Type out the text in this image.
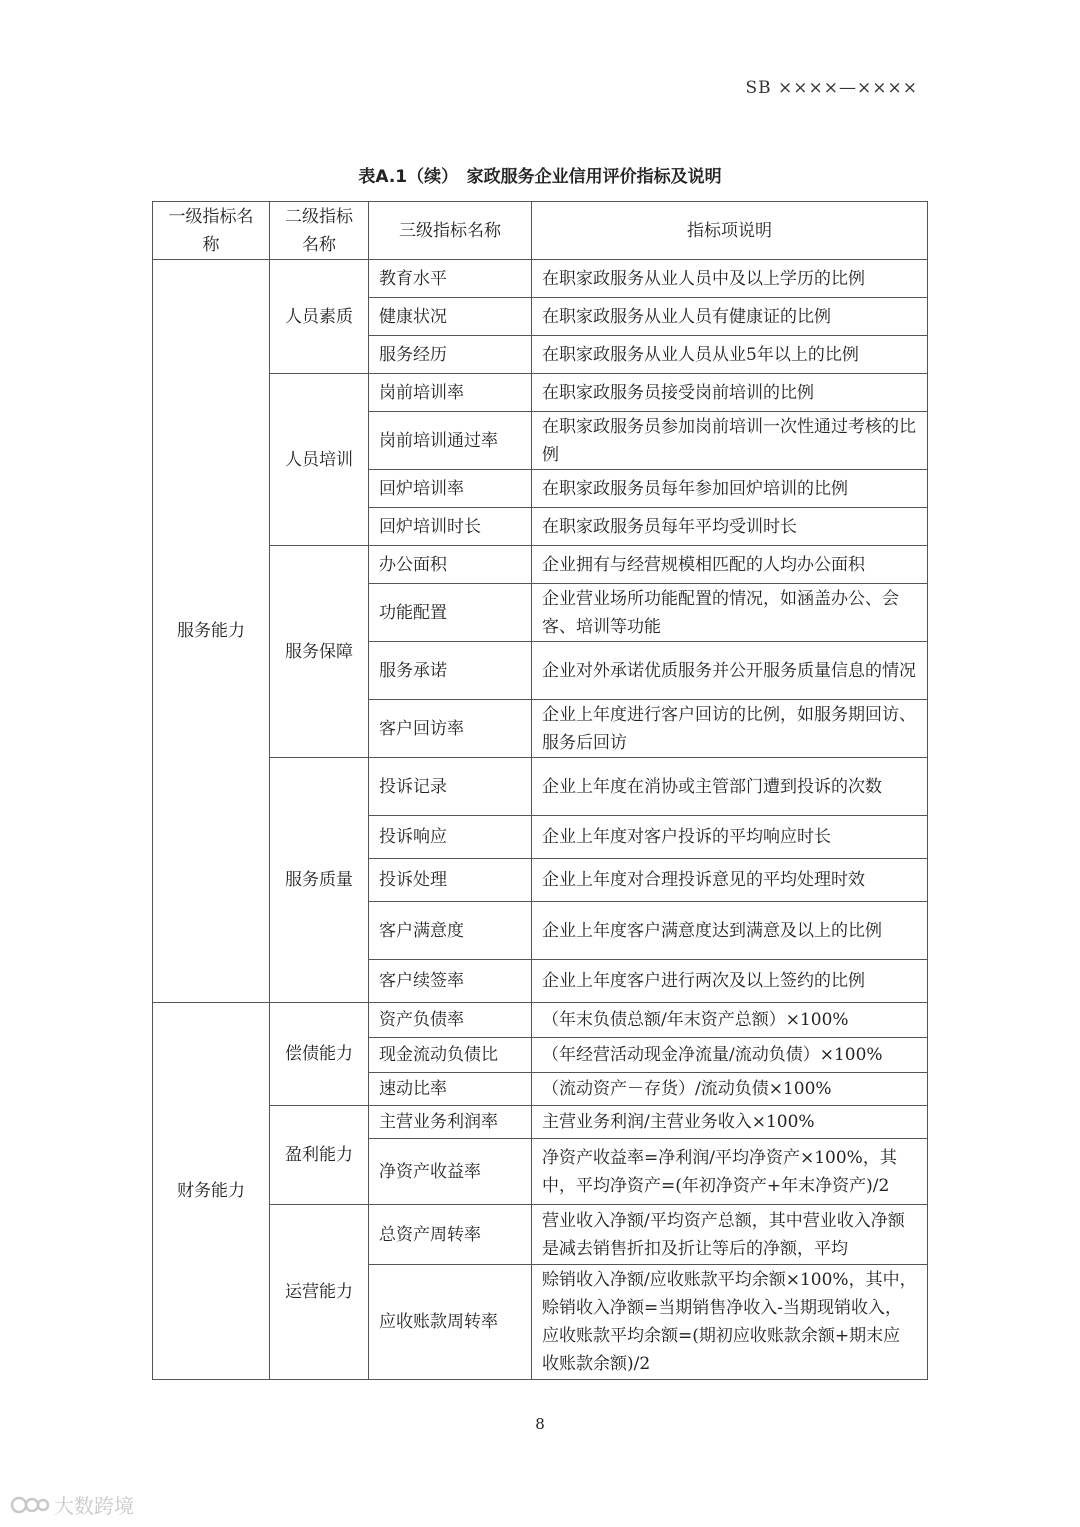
SB ××××—××××
表A.1（续）　家政服务企业信用评价指标及说明
一级指标名称	二级指标名称	三级指标名称	指标项说明
服务能力	人员素质	教育水平	在职家政服务从业人员中及以上学历的比例
		健康状况	在职家政服务从业人员有健康证的比例
		服务经历	在职家政服务从业人员从业5年以上的比例
	人员培训	岗前培训率	在职家政服务员接受岗前培训的比例
		岗前培训通过率	在职家政服务员参加岗前培训一次性通过考核的比例
		回炉培训率	在职家政服务员每年参加回炉培训的比例
		回炉培训时长	在职家政服务员每年平均受训时长
	服务保障	办公面积	企业拥有与经营规模相匹配的人均办公面积
		功能配置	企业营业场所功能配置的情况，如涵盖办公、会客、培训等功能
		服务承诺	企业对外承诺优质服务并公开服务质量信息的情况
		客户回访率	企业上年度进行客户回访的比例，如服务期回访、服务后回访
	服务质量	投诉记录	企业上年度在消协或主管部门遭到投诉的次数
		投诉响应	企业上年度对客户投诉的平均响应时长
		投诉处理	企业上年度对合理投诉意见的平均处理时效
		客户满意度	企业上年度客户满意度达到满意及以上的比例
		客户续签率	企业上年度客户进行两次及以上签约的比例
财务能力	偿债能力	资产负债率	（年末负债总额/年末资产总额）×100%
		现金流动负债比	（年经营活动现金净流量/流动负债）×100%
		速动比率	（流动资产－存货）/流动负债×100%
	盈利能力	主营业务利润率	主营业务利润/主营业务收入×100%
		净资产收益率	净资产收益率=净利润/平均净资产×100%，其中，平均净资产=(年初净资产+年末净资产)/2
	运营能力	总资产周转率	营业收入净额/平均资产总额，其中营业收入净额是减去销售折扣及折让等后的净额，平均
		应收账款周转率	赊销收入净额/应收账款平均余额×100%，其中，赊销收入净额=当期销售净收入-当期现销收入，应收账款平均余额=(期初应收账款余额+期末应收账款余额)/2
8
大数跨境
